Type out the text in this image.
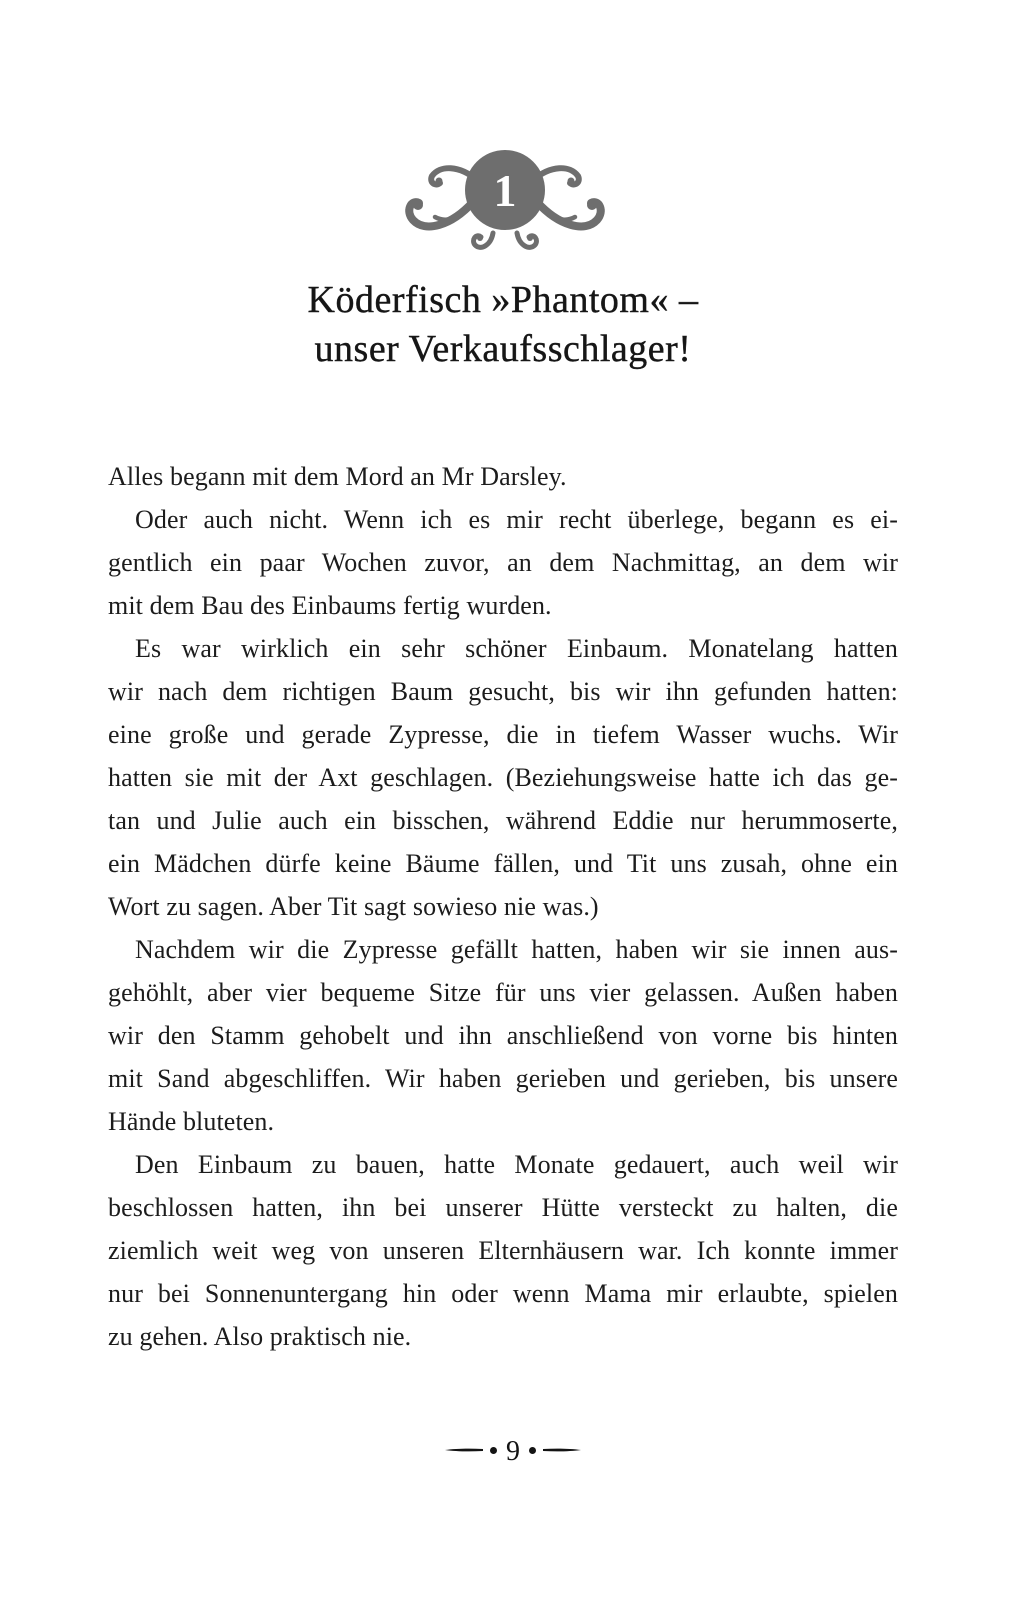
1
Köderfisch »Phantom« –
unser Verkaufsschlager!
Alles begann mit dem Mord an Mr Darsley.
Oder auch nicht. Wenn ich es mir recht überlege, begann es ei-
gentlich ein paar Wochen zuvor, an dem Nachmittag, an dem wir
mit dem Bau des Einbaums fertig wurden.
Es war wirklich ein sehr schöner Einbaum. Monatelang hatten
wir nach dem richtigen Baum gesucht, bis wir ihn gefunden hatten:
eine große und gerade Zypresse, die in tiefem Wasser wuchs. Wir
hatten sie mit der Axt geschlagen. (Beziehungsweise hatte ich das ge-
tan und Julie auch ein bisschen, während Eddie nur herummoserte,
ein Mädchen dürfe keine Bäume fällen, und Tit uns zusah, ohne ein
Wort zu sagen. Aber Tit sagt sowieso nie was.)
Nachdem wir die Zypresse gefällt hatten, haben wir sie innen aus-
gehöhlt, aber vier bequeme Sitze für uns vier gelassen. Außen haben
wir den Stamm gehobelt und ihn anschließend von vorne bis hinten
mit Sand abgeschliffen. Wir haben gerieben und gerieben, bis unsere
Hände bluteten.
Den Einbaum zu bauen, hatte Monate gedauert, auch weil wir
beschlossen hatten, ihn bei unserer Hütte versteckt zu halten, die
ziemlich weit weg von unseren Elternhäusern war. Ich konnte immer
nur bei Sonnenuntergang hin oder wenn Mama mir erlaubte, spielen
zu gehen. Also praktisch nie.
9
